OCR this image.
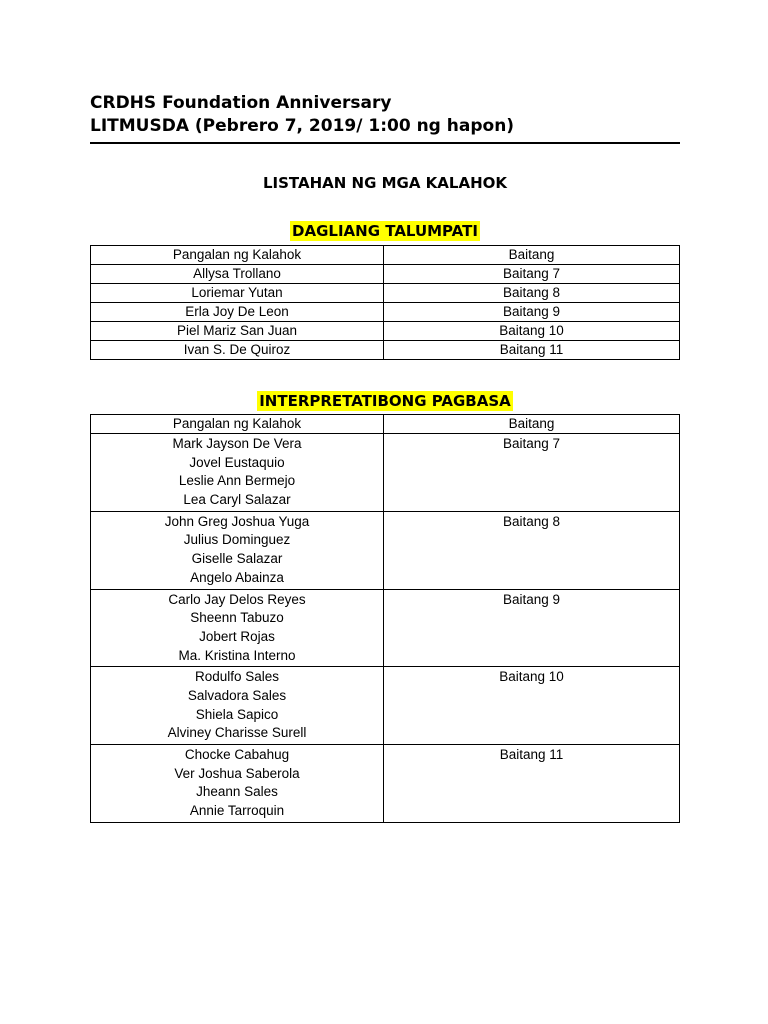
CRDHS Foundation Anniversary
LITMUSDA (Pebrero 7, 2019/ 1:00 ng hapon)
LISTAHAN NG MGA KALAHOK
DAGLIANG TALUMPATI
Pangalan ng Kalahok	Baitang
Allysa Trollano	Baitang 7
Loriemar Yutan	Baitang 8
Erla Joy De Leon	Baitang 9
Piel Mariz San Juan	Baitang 10
Ivan S. De Quiroz	Baitang 11
INTERPRETATIBONG PAGBASA
Pangalan ng Kalahok	Baitang

Mark Jayson De Vera
Jovel Eustaquio
Leslie Ann Bermejo
Lea Caryl Salazar	Baitang 7

John Greg Joshua Yuga
Julius Dominguez
Giselle Salazar
Angelo Abainza	Baitang 8

Carlo Jay Delos Reyes
Sheenn Tabuzo
Jobert Rojas
Ma. Kristina Interno	Baitang 9

Rodulfo Sales
Salvadora Sales
Shiela Sapico
Alviney Charisse Surell	Baitang 10

Chocke Cabahug
Ver Joshua Saberola
Jheann Sales
Annie Tarroquin	Baitang 11
